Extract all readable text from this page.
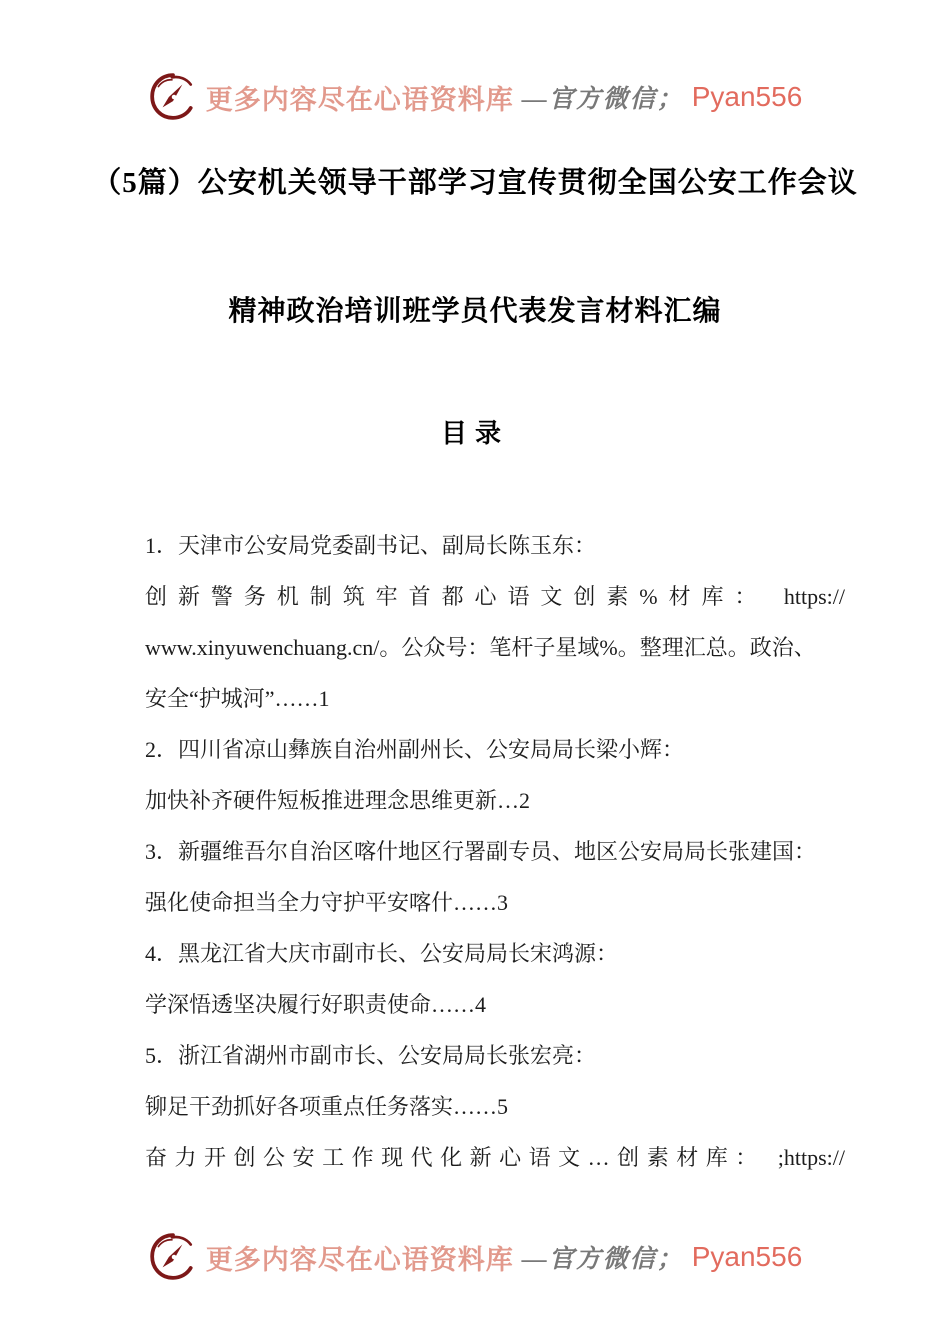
更多内容尽在心语资料库 —官方微信； Pyan556
（5篇）公安机关领导干部学习宣传贯彻全国公安工作会议
精神政治培训班学员代表发言材料汇编
目录
1．天津市公安局党委副书记、副局长陈玉东：
创新警务机制筑牢首都心语文创素%材库： https://
www.xinyuwenchuang.cn/。公众号：笔杆子星域%。整理汇总。政治、
安全“护城河”……1
2．四川省凉山彝族自治州副州长、公安局局长梁小辉：
加快补齐硬件短板推进理念思维更新…2
3．新疆维吾尔自治区喀什地区行署副专员、地区公安局局长张建国：
强化使命担当全力守护平安喀什……3
4．黑龙江省大庆市副市长、公安局局长宋鸿源：
学深悟透坚决履行好职责使命……4
5．浙江省湖州市副市长、公安局局长张宏亮：
铆足干劲抓好各项重点任务落实……5
奋力开创公安工作现代化新心语文…创素材库： ;https://
更多内容尽在心语资料库 —官方微信； Pyan556
